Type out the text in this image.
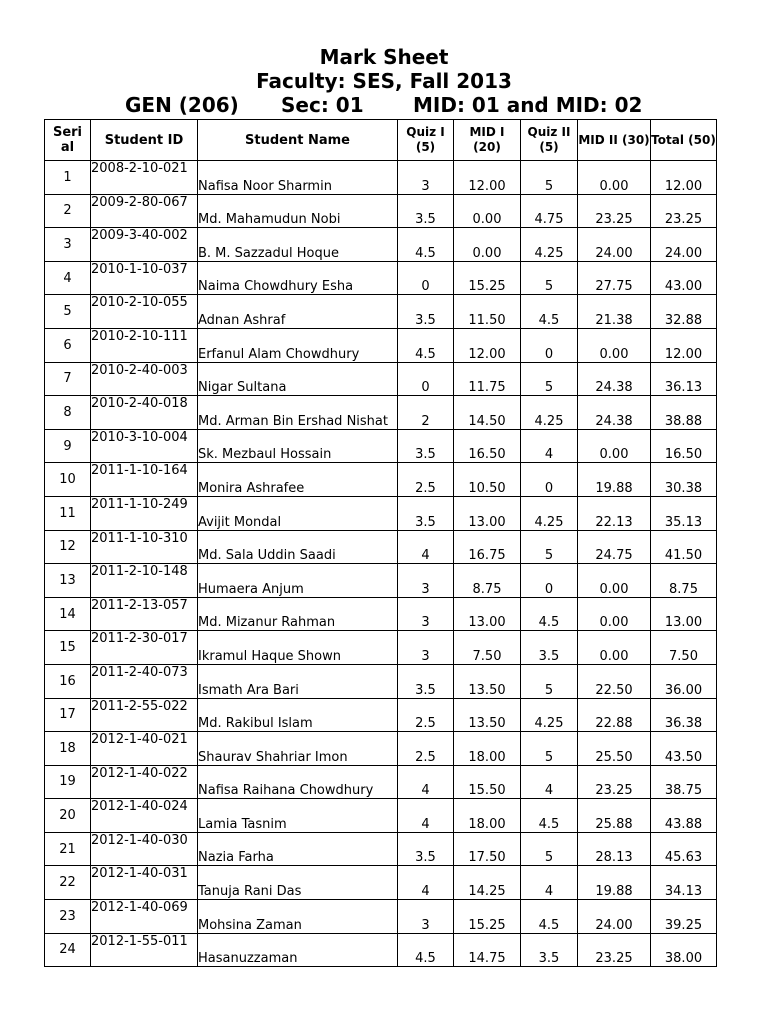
Mark Sheet
Faculty: SES, Fall 2013
GEN (206) Sec: 01 MID: 01 and MID: 02
Seri al	Student ID	Student Name	Quiz I (5)	MID I (20)	Quiz II (5)	MID II (30)	Total (50)
1	2008-2-10-021	Nafisa Noor Sharmin	3	12.00	5	0.00	12.00
2	2009-2-80-067	Md. Mahamudun Nobi	3.5	0.00	4.75	23.25	23.25
3	2009-3-40-002	B. M. Sazzadul Hoque	4.5	0.00	4.25	24.00	24.00
4	2010-1-10-037	Naima Chowdhury Esha	0	15.25	5	27.75	43.00
5	2010-2-10-055	Adnan Ashraf	3.5	11.50	4.5	21.38	32.88
6	2010-2-10-111	Erfanul Alam Chowdhury	4.5	12.00	0	0.00	12.00
7	2010-2-40-003	Nigar Sultana	0	11.75	5	24.38	36.13
8	2010-2-40-018	Md. Arman Bin Ershad Nishat	2	14.50	4.25	24.38	38.88
9	2010-3-10-004	Sk. Mezbaul Hossain	3.5	16.50	4	0.00	16.50
10	2011-1-10-164	Monira Ashrafee	2.5	10.50	0	19.88	30.38
11	2011-1-10-249	Avijit Mondal	3.5	13.00	4.25	22.13	35.13
12	2011-1-10-310	Md. Sala Uddin Saadi	4	16.75	5	24.75	41.50
13	2011-2-10-148	Humaera Anjum	3	8.75	0	0.00	8.75
14	2011-2-13-057	Md. Mizanur Rahman	3	13.00	4.5	0.00	13.00
15	2011-2-30-017	Ikramul Haque Shown	3	7.50	3.5	0.00	7.50
16	2011-2-40-073	Ismath Ara Bari	3.5	13.50	5	22.50	36.00
17	2011-2-55-022	Md. Rakibul Islam	2.5	13.50	4.25	22.88	36.38
18	2012-1-40-021	Shaurav Shahriar Imon	2.5	18.00	5	25.50	43.50
19	2012-1-40-022	Nafisa Raihana Chowdhury	4	15.50	4	23.25	38.75
20	2012-1-40-024	Lamia Tasnim	4	18.00	4.5	25.88	43.88
21	2012-1-40-030	Nazia Farha	3.5	17.50	5	28.13	45.63
22	2012-1-40-031	Tanuja Rani Das	4	14.25	4	19.88	34.13
23	2012-1-40-069	Mohsina Zaman	3	15.25	4.5	24.00	39.25
24	2012-1-55-011	Hasanuzzaman	4.5	14.75	3.5	23.25	38.00
